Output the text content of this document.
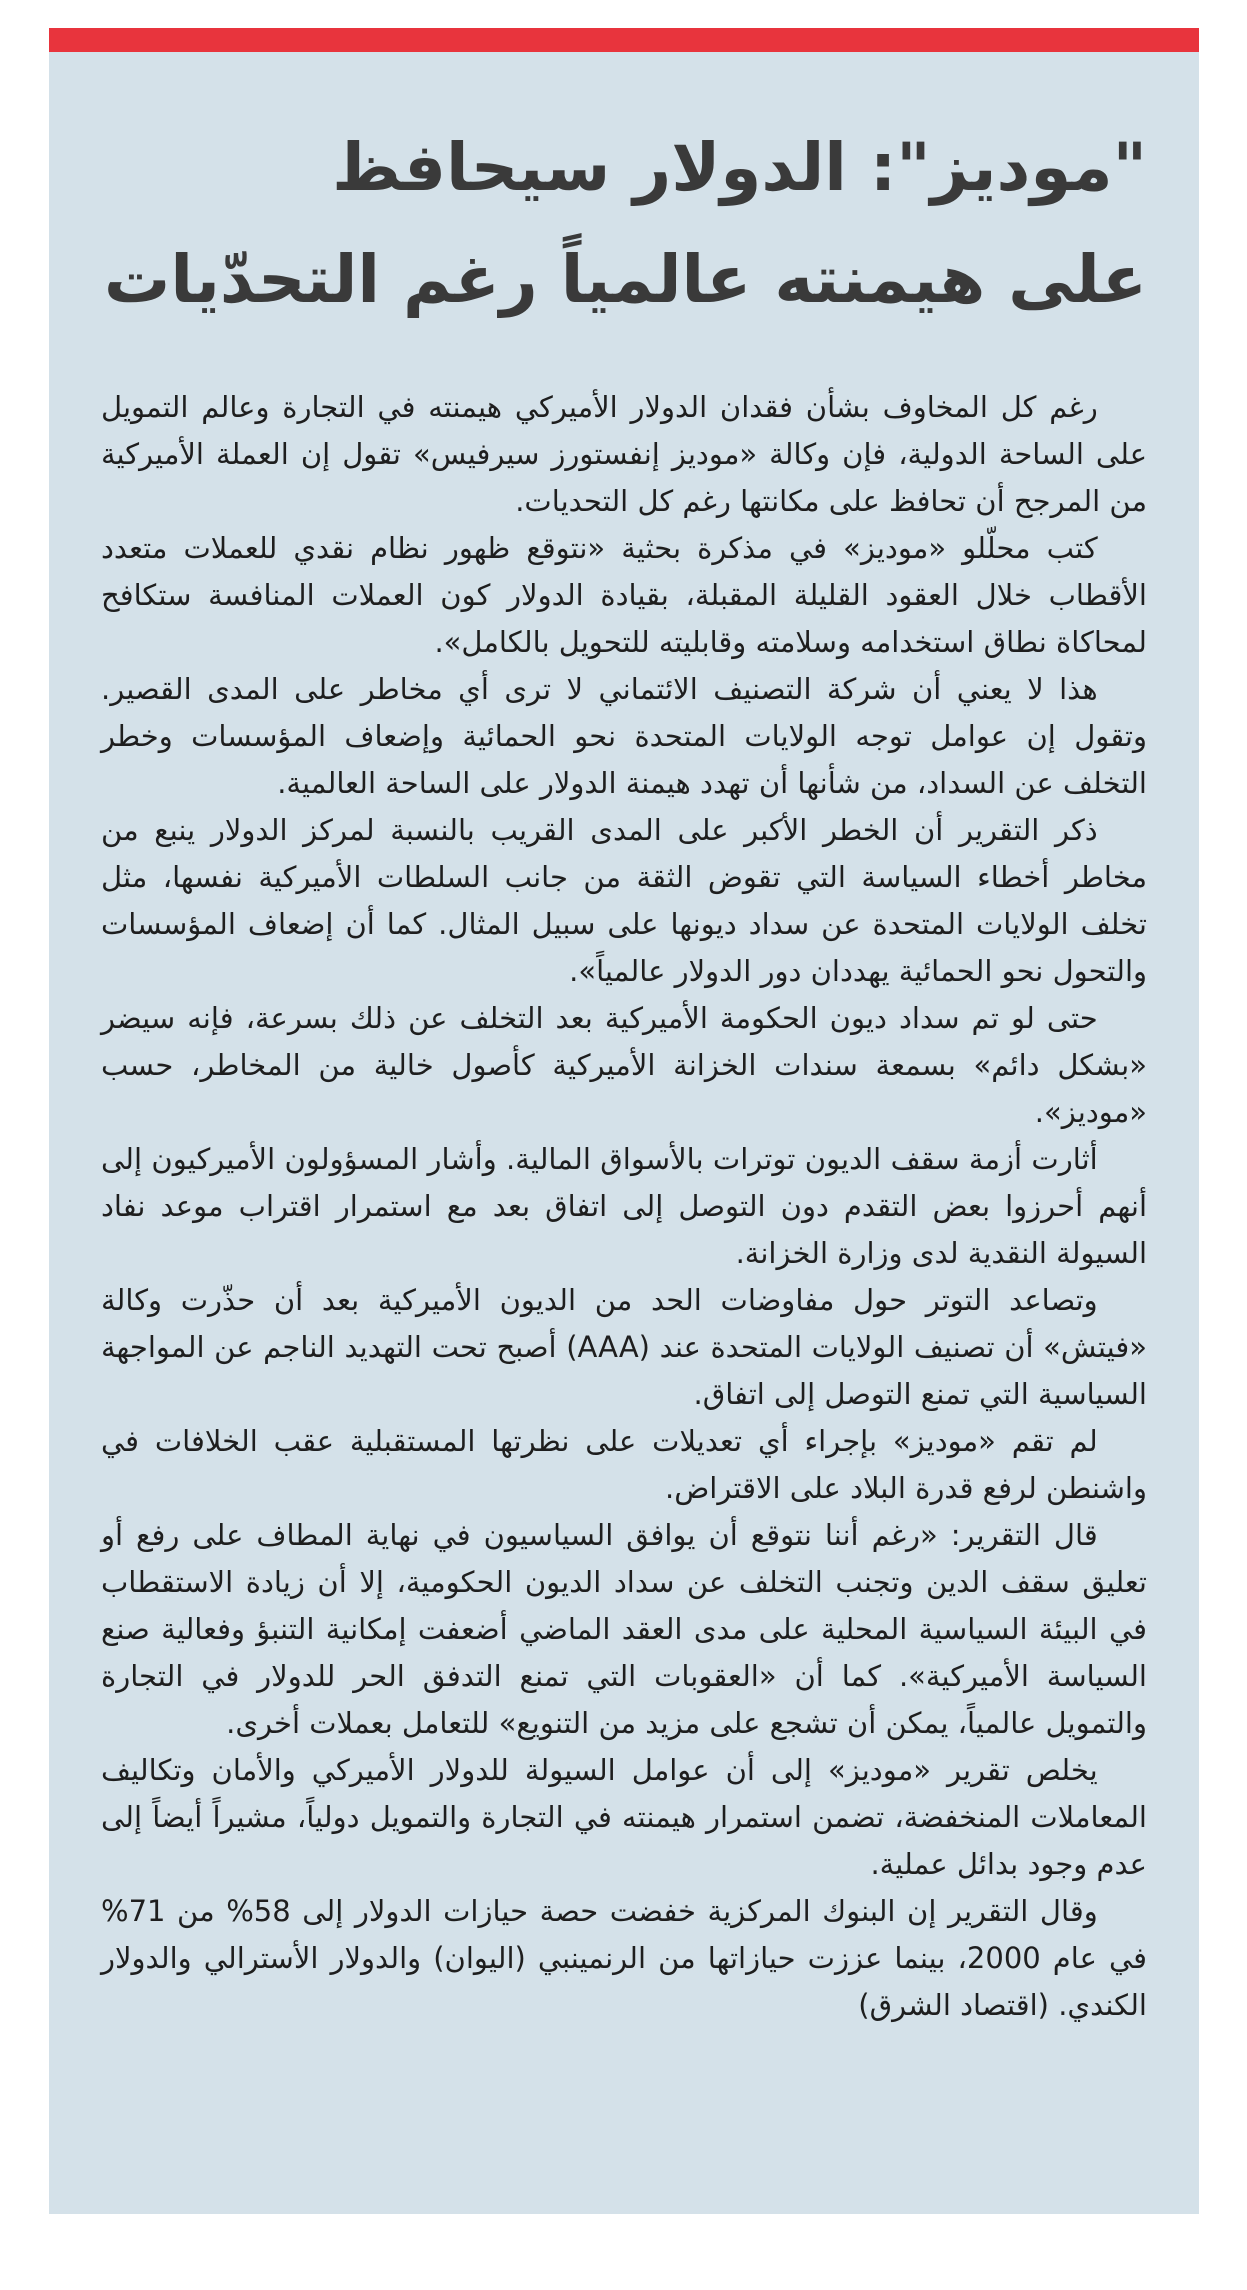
"موديز": الدولار سيحافظ
على هيمنته عالمياً رغم التحدّيات

رغم كل المخاوف بشأن فقدان الدولار الأميركي هيمنته في التجارة وعالم التمويل على الساحة الدولية، فإن وكالة «موديز إنفستورز سيرفيس» تقول إن العملة الأميركية من المرجح أن تحافظ على مكانتها رغم كل التحديات.

كتب محلّلو «موديز» في مذكرة بحثية «نتوقع ظهور نظام نقدي للعملات متعدد الأقطاب خلال العقود القليلة المقبلة، بقيادة الدولار كون العملات المنافسة ستكافح لمحاكاة نطاق استخدامه وسلامته وقابليته للتحويل بالكامل».

هذا لا يعني أن شركة التصنيف الائتماني لا ترى أي مخاطر على المدى القصير. وتقول إن عوامل توجه الولايات المتحدة نحو الحمائية وإضعاف المؤسسات وخطر التخلف عن السداد، من شأنها أن تهدد هيمنة الدولار على الساحة العالمية.

ذكر التقرير أن الخطر الأكبر على المدى القريب بالنسبة لمركز الدولار ينبع من مخاطر أخطاء السياسة التي تقوض الثقة من جانب السلطات الأميركية نفسها، مثل تخلف الولايات المتحدة عن سداد ديونها على سبيل المثال. كما أن إضعاف المؤسسات والتحول نحو الحمائية يهددان دور الدولار عالمياً».

حتى لو تم سداد ديون الحكومة الأميركية بعد التخلف عن ذلك بسرعة، فإنه سيضر «بشكل دائم» بسمعة سندات الخزانة الأميركية كأصول خالية من المخاطر، حسب «موديز».

أثارت أزمة سقف الديون توترات بالأسواق المالية. وأشار المسؤولون الأميركيون إلى أنهم أحرزوا بعض التقدم دون التوصل إلى اتفاق بعد مع استمرار اقتراب موعد نفاد السيولة النقدية لدى وزارة الخزانة.

وتصاعد التوتر حول مفاوضات الحد من الديون الأميركية بعد أن حذّرت وكالة «فيتش» أن تصنيف الولايات المتحدة عند (AAA) أصبح تحت التهديد الناجم عن المواجهة السياسية التي تمنع التوصل إلى اتفاق.

لم تقم «موديز» بإجراء أي تعديلات على نظرتها المستقبلية عقب الخلافات في واشنطن لرفع قدرة البلاد على الاقتراض.

قال التقرير: «رغم أننا نتوقع أن يوافق السياسيون في نهاية المطاف على رفع أو تعليق سقف الدين وتجنب التخلف عن سداد الديون الحكومية، إلا أن زيادة الاستقطاب في البيئة السياسية المحلية على مدى العقد الماضي أضعفت إمكانية التنبؤ وفعالية صنع السياسة الأميركية». كما أن «العقوبات التي تمنع التدفق الحر للدولار في التجارة والتمويل عالمياً، يمكن أن تشجع على مزيد من التنويع» للتعامل بعملات أخرى.

يخلص تقرير «موديز» إلى أن عوامل السيولة للدولار الأميركي والأمان وتكاليف المعاملات المنخفضة، تضمن استمرار هيمنته في التجارة والتمويل دولياً، مشيراً أيضاً إلى عدم وجود بدائل عملية.

وقال التقرير إن البنوك المركزية خفضت حصة حيازات الدولار إلى 58% من 71% في عام 2000، بينما عززت حيازاتها من الرنمينبي (اليوان) والدولار الأسترالي والدولار الكندي. (اقتصاد الشرق)
